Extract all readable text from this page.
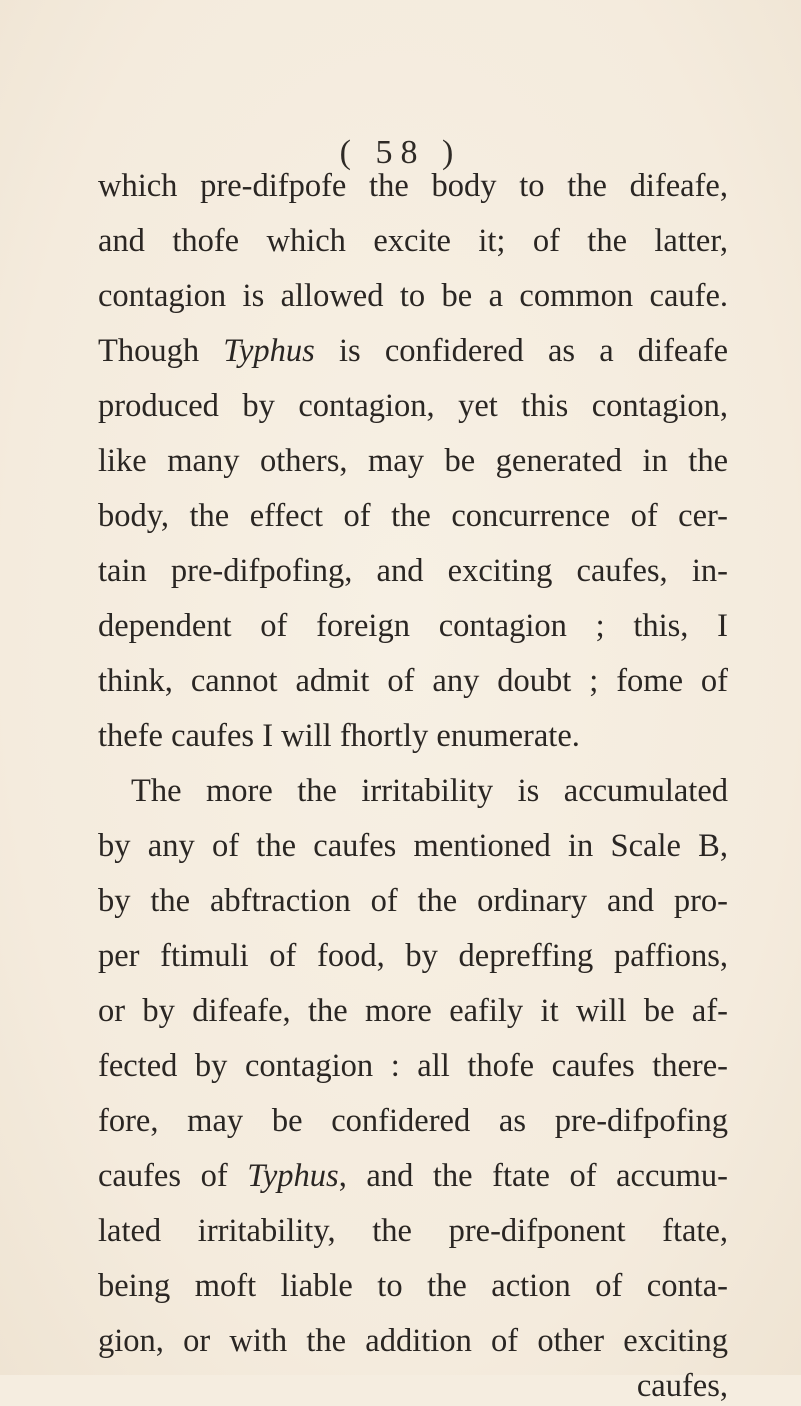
( 58 )
which pre-difpofe the body to the difeafe,
and thofe which excite it; of the latter,
contagion is allowed to be a common caufe.
Though Typhus is confidered as a difeafe
produced by contagion, yet this contagion,
like many others, may be generated in the
body, the effect of the concurrence of cer-
tain pre-difpofing, and exciting caufes, in-
dependent of foreign contagion ; this, I
think, cannot admit of any doubt ; fome of
thefe caufes I will fhortly enumerate.
The more the irritability is accumulated
by any of the caufes mentioned in Scale B,
by the abftraction of the ordinary and pro-
per ftimuli of food, by depreffing paffions,
or by difeafe, the more eafily it will be af-
fected by contagion : all thofe caufes there-
fore, may be confidered as pre-difpofing
caufes of Typhus, and the ftate of accumu-
lated irritability, the pre-difponent ftate,
being moft liable to the action of conta-
gion, or with the addition of other exciting
caufes,
